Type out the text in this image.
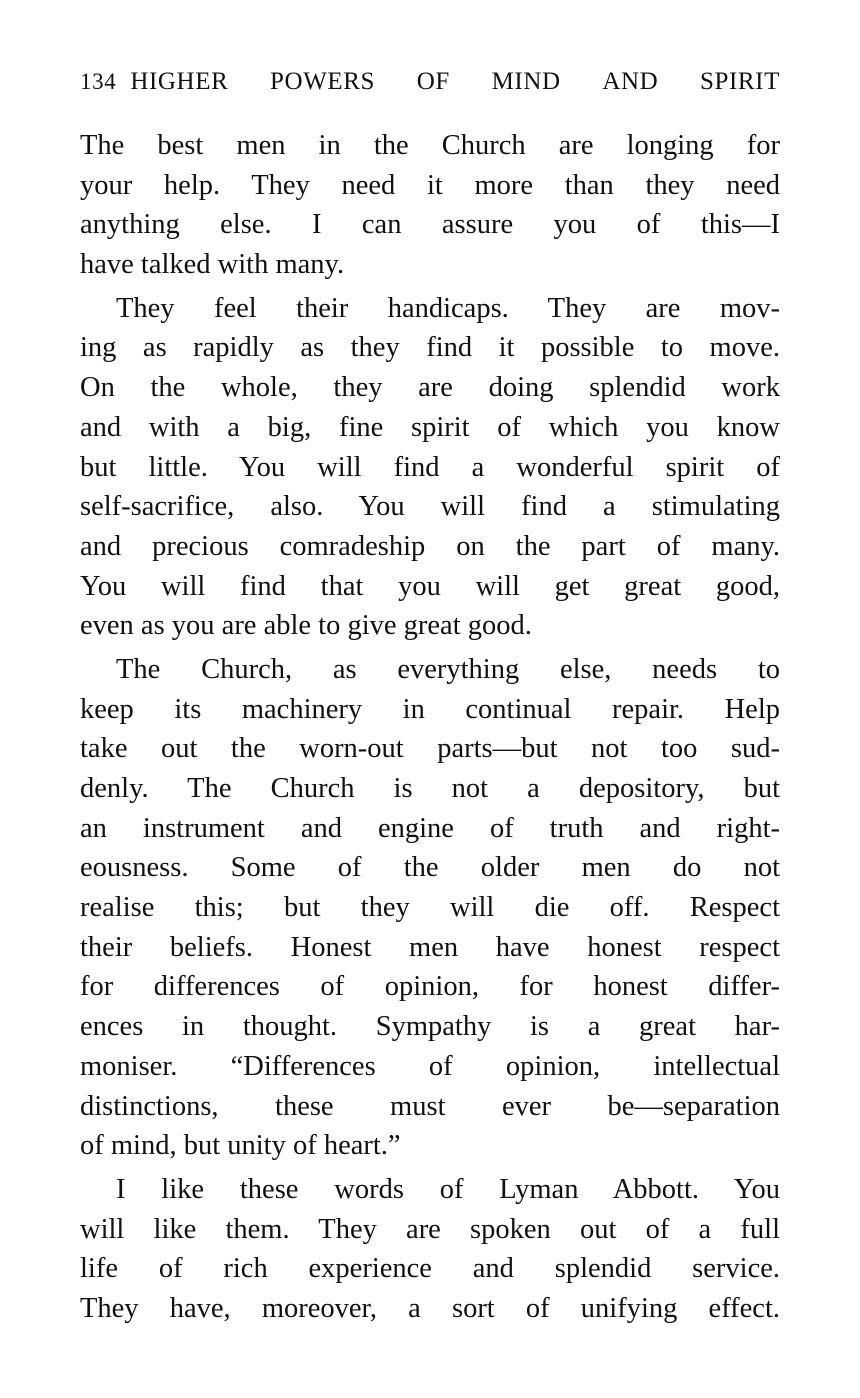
134 HIGHER POWERS OF MIND AND SPIRIT
The best men in the Church are longing for
your help. They need it more than they need
anything else. I can assure you of this—I
have talked with many.
They feel their handicaps. They are mov-
ing as rapidly as they find it possible to move.
On the whole, they are doing splendid work
and with a big, fine spirit of which you know
but little. You will find a wonderful spirit of
self-sacrifice, also. You will find a stimulating
and precious comradeship on the part of many.
You will find that you will get great good,
even as you are able to give great good.
The Church, as everything else, needs to
keep its machinery in continual repair. Help
take out the worn-out parts—but not too sud-
denly. The Church is not a depository, but
an instrument and engine of truth and right-
eousness. Some of the older men do not
realise this; but they will die off. Respect
their beliefs. Honest men have honest respect
for differences of opinion, for honest differ-
ences in thought. Sympathy is a great har-
moniser. “Differences of opinion, intellectual
distinctions, these must ever be—separation
of mind, but unity of heart.”
I like these words of Lyman Abbott. You
will like them. They are spoken out of a full
life of rich experience and splendid service.
They have, moreover, a sort of unifying effect.
